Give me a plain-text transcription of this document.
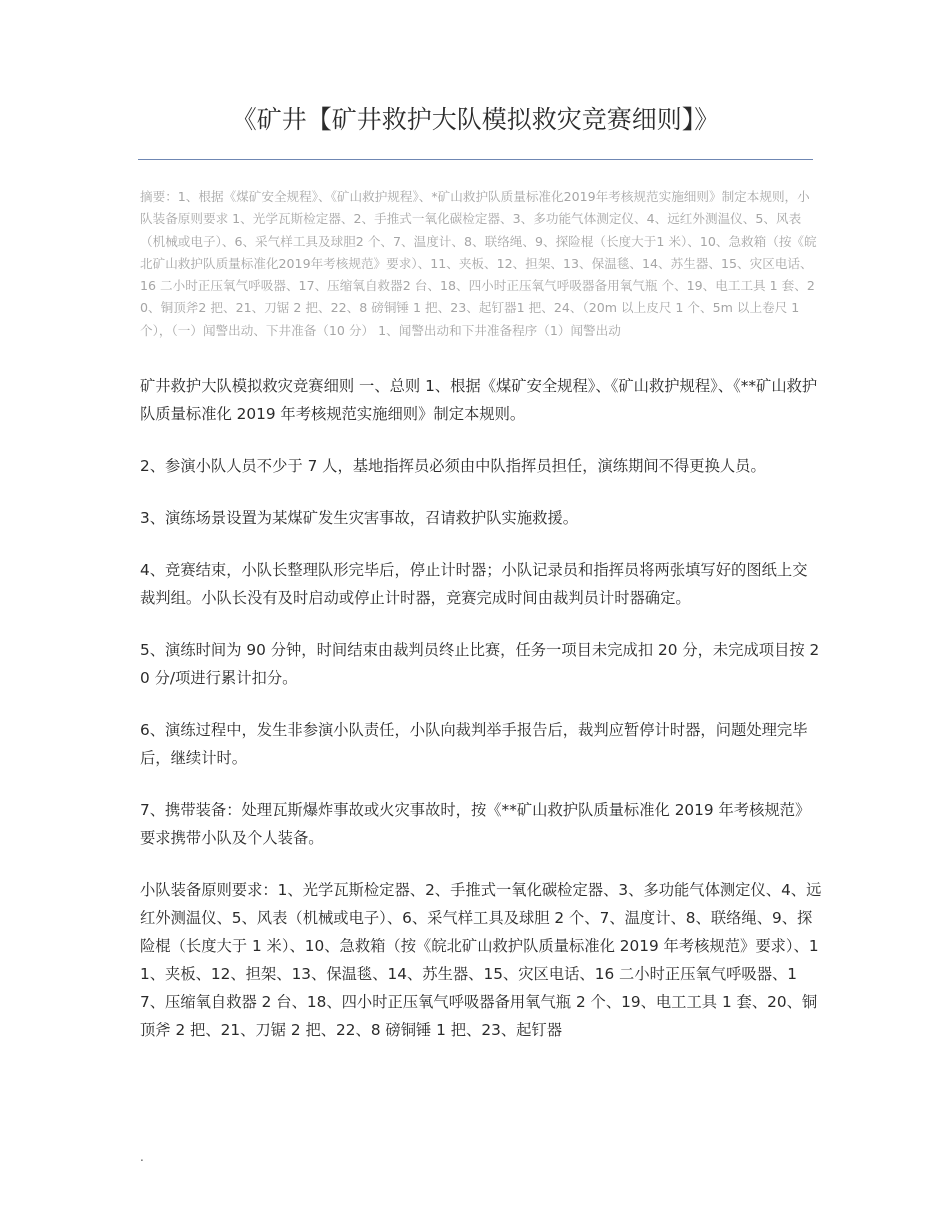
《矿井【矿井救护大队模拟救灾竞赛细则】》

摘要：1、根据《煤矿安全规程》、《矿山救护规程》、*矿山救护队质量标准化2019年考核规范实施细则》制定本规则，小队装备原则要求 1、光学瓦斯检定器、2、手推式一氧化碳检定器、3、多功能气体测定仪、4、远红外测温仪、5、风表（机械或电子）、6、采气样工具及球胆2 个、7、温度计、8、联络绳、9、探险棍（长度大于1 米）、10、急救箱（按《皖北矿山救护队质量标准化2019年考核规范》要求）、11、夹板、12、担架、13、保温毯、14、苏生器、15、灾区电话、16 二小时正压氧气呼吸器、17、压缩氧自救器2 台、18、四小时正压氧气呼吸器备用氧气瓶 个、19、电工工具 1 套、20、铜顶斧2 把、21、刀锯 2 把、22、8 磅铜锤 1 把、23、起钉器1 把、24、（20m 以上皮尺 1 个、5m 以上卷尺 1 个），（一）闻警出动、下井准备（10 分） 1、闻警出动和下井准备程序（1）闻警出动

矿井救护大队模拟救灾竞赛细则 一、总则 1、根据《煤矿安全规程》、《矿山救护规程》、《**矿山救护队质量标准化 2019 年考核规范实施细则》制定本规则。

2、参演小队人员不少于 7 人，基地指挥员必须由中队指挥员担任，演练期间不得更换人员。

3、演练场景设置为某煤矿发生灾害事故，召请救护队实施救援。

4、竞赛结束，小队长整理队形完毕后，停止计时器；小队记录员和指挥员将两张填写好的图纸上交裁判组。小队长没有及时启动或停止计时器，竞赛完成时间由裁判员计时器确定。

5、演练时间为 90 分钟，时间结束由裁判员终止比赛，任务一项目未完成扣 20 分，未完成项目按 20 分/项进行累计扣分。

6、演练过程中，发生非参演小队责任，小队向裁判举手报告后，裁判应暂停计时器，问题处理完毕后，继续计时。

7、携带装备：处理瓦斯爆炸事故或火灾事故时，按《**矿山救护队质量标准化 2019 年考核规范》要求携带小队及个人装备。

小队装备原则要求：1、光学瓦斯检定器、2、手推式一氧化碳检定器、3、多功能气体测定仪、4、远红外测温仪、5、风表（机械或电子）、6、采气样工具及球胆 2 个、7、温度计、8、联络绳、9、探险棍（长度大于 1 米）、10、急救箱（按《皖北矿山救护队质量标准化 2019 年考核规范》要求）、11、夹板、12、担架、13、保温毯、14、苏生器、15、灾区电话、16 二小时正压氧气呼吸器、17、压缩氧自救器 2 台、18、四小时正压氧气呼吸器备用氧气瓶 2 个、19、电工工具 1 套、20、铜顶斧 2 把、21、刀锯 2 把、22、8 磅铜锤 1 把、23、起钉器

.
